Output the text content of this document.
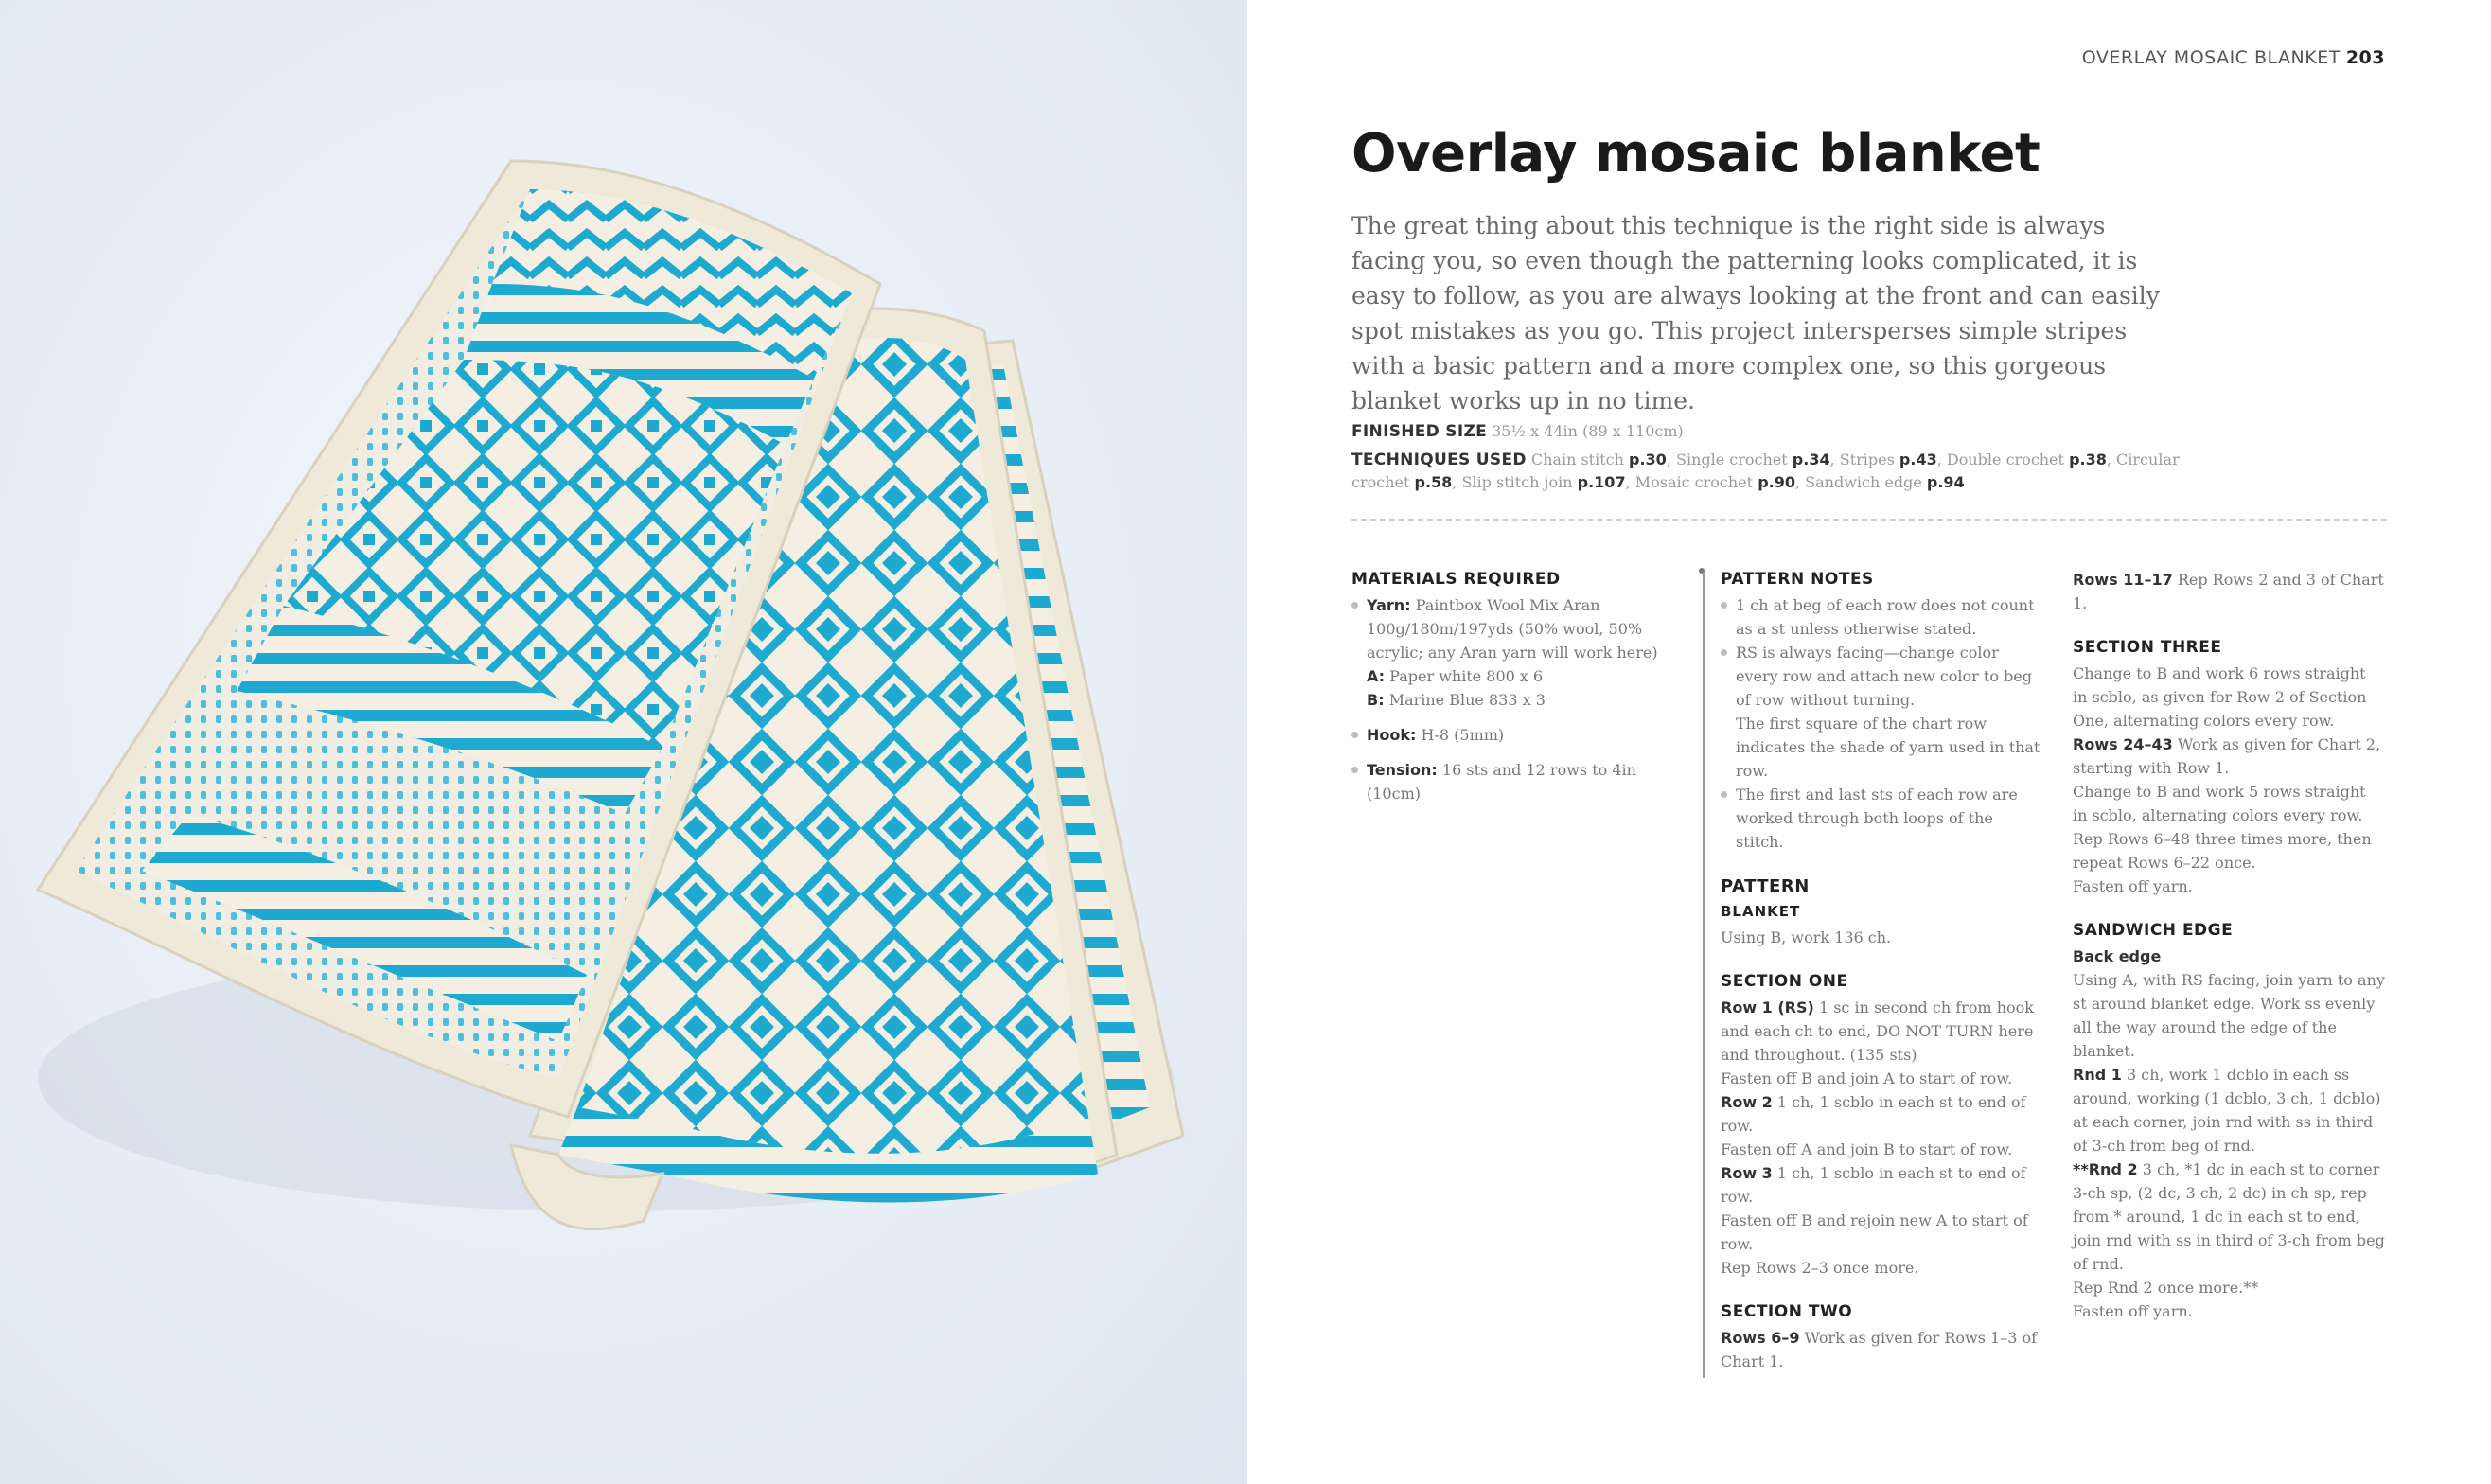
OVERLAY MOSAIC BLANKET 203
Overlay mosaic blanket

The great thing about this technique is the right side is always facing you, so even though the patterning looks complicated, it is easy to follow, as you are always looking at the front and can easily spot mistakes as you go. This project intersperses simple stripes with a basic pattern and a more complex one, so this gorgeous blanket works up in no time.

FINISHED SIZE 35½ x 44in (89 x 110cm)
TECHNIQUES USED Chain stitch p.30, Single crochet p.34, Stripes p.43, Double crochet p.38, Circular crochet p.58, Slip stitch join p.107, Mosaic crochet p.90, Sandwich edge p.94
MATERIALS REQUIRED
Yarn: Paintbox Wool Mix Aran 100g/180m/197yds (50% wool, 50% acrylic; any Aran yarn will work here)
A: Paper white 800 x 6
B: Marine Blue 833 x 3
Hook: H-8 (5mm)
Tension: 16 sts and 12 rows to 4in (10cm)
PATTERN NOTES
1 ch at beg of each row does not count as a st unless otherwise stated.
RS is always facing—change color every row and attach new color to beg of row without turning.
The first square of the chart row indicates the shade of yarn used in that row.
The first and last sts of each row are worked through both loops of the stitch.
PATTERN
BLANKET

Using B, work 136 ch.

SECTION ONE

Row 1 (RS) 1 sc in second ch from hook and each ch to end, DO NOT TURN here and throughout. (135 sts)

Fasten off B and join A to start of row.

Row 2 1 ch, 1 scblo in each st to end of row.

Fasten off A and join B to start of row.

Row 3 1 ch, 1 scblo in each st to end of row.

Fasten off B and rejoin new A to start of row.

Rep Rows 2–3 once more.

SECTION TWO

Rows 6–9 Work as given for Rows 1–3 of Chart 1.

Rows 11–17 Rep Rows 2 and 3 of Chart 1.

SECTION THREE

Change to B and work 6 rows straight in scblo, as given for Row 2 of Section One, alternating colors every row.

Rows 24–43 Work as given for Chart 2, starting with Row 1.

Change to B and work 5 rows straight in scblo, alternating colors every row.

Rep Rows 6–48 three times more, then repeat Rows 6–22 once.

Fasten off yarn.

SANDWICH EDGE

Back edge

Using A, with RS facing, join yarn to any st around blanket edge. Work ss evenly all the way around the edge of the blanket.

Rnd 1 3 ch, work 1 dcblo in each ss around, working (1 dcblo, 3 ch, 1 dcblo) at each corner, join rnd with ss in third of 3-ch from beg of rnd.

**Rnd 2 3 ch, *1 dc in each st to corner 3-ch sp, (2 dc, 3 ch, 2 dc) in ch sp, rep from * around, 1 dc in each st to end, join rnd with ss in third of 3-ch from beg of rnd.

Rep Rnd 2 once more.**

Fasten off yarn.
